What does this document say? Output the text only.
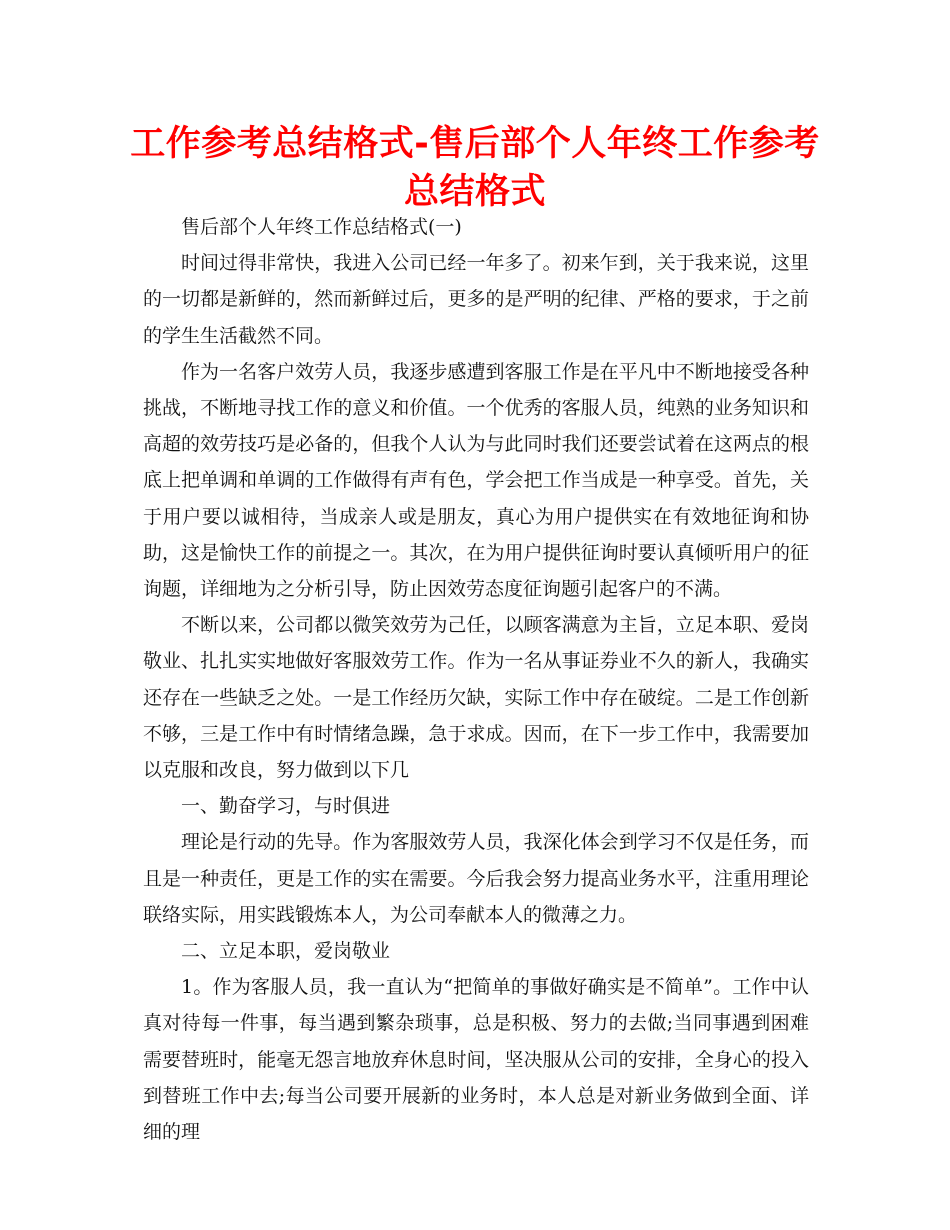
工作参考总结格式-售后部个人年终工作参考总结格式

售后部个人年终工作总结格式(一)

时间过得非常快，我进入公司已经一年多了。初来乍到，关于我来说，这里的一切都是新鲜的，然而新鲜过后，更多的是严明的纪律、严格的要求，于之前的学生生活截然不同。

作为一名客户效劳人员，我逐步感遭到客服工作是在平凡中不断地接受各种挑战，不断地寻找工作的意义和价值。一个优秀的客服人员，纯熟的业务知识和高超的效劳技巧是必备的，但我个人认为与此同时我们还要尝试着在这两点的根底上把单调和单调的工作做得有声有色，学会把工作当成是一种享受。首先，关于用户要以诚相待，当成亲人或是朋友，真心为用户提供实在有效地征询和协助，这是愉快工作的前提之一。其次，在为用户提供征询时要认真倾听用户的征询题，详细地为之分析引导，防止因效劳态度征询题引起客户的不满。

不断以来，公司都以微笑效劳为己任，以顾客满意为主旨，立足本职、爱岗敬业、扎扎实实地做好客服效劳工作。作为一名从事证券业不久的新人，我确实还存在一些缺乏之处。一是工作经历欠缺，实际工作中存在破绽。二是工作创新不够，三是工作中有时情绪急躁，急于求成。因而，在下一步工作中，我需要加以克服和改良，努力做到以下几

一、勤奋学习，与时俱进

理论是行动的先导。作为客服效劳人员，我深化体会到学习不仅是任务，而且是一种责任，更是工作的实在需要。今后我会努力提高业务水平，注重用理论联络实际，用实践锻炼本人，为公司奉献本人的微薄之力。

二、立足本职，爱岗敬业

1。作为客服人员，我一直认为“把简单的事做好确实是不简单”。工作中认真对待每一件事，每当遇到繁杂琐事，总是积极、努力的去做;当同事遇到困难需要替班时，能毫无怨言地放弃休息时间，坚决服从公司的安排，全身心的投入到替班工作中去;每当公司要开展新的业务时，本人总是对新业务做到全面、详细的理
